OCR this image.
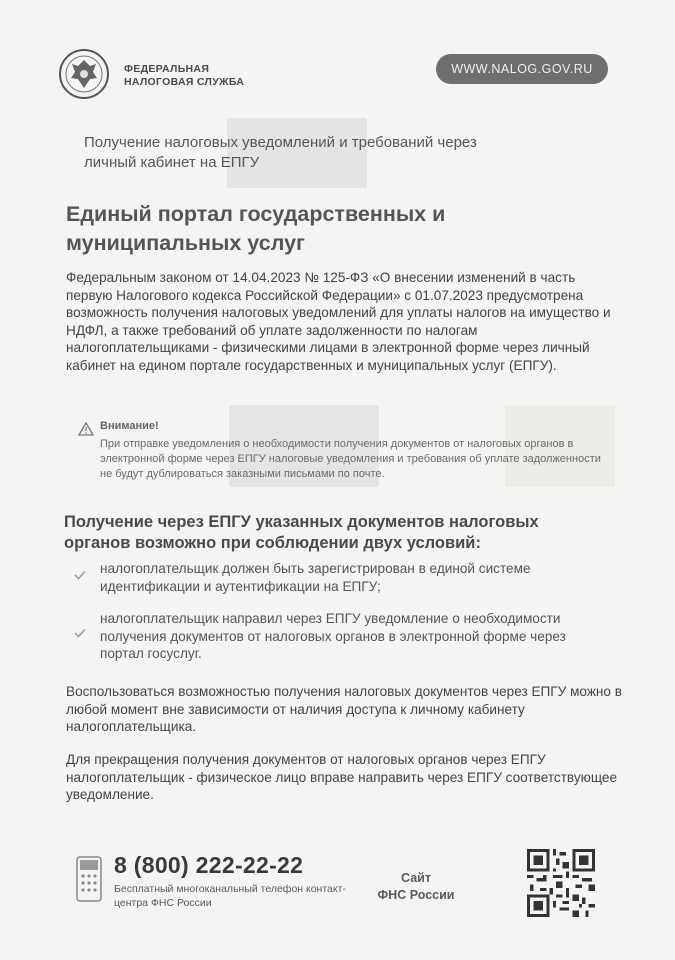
ФЕДЕРАЛЬНАЯ
НАЛОГОВАЯ СЛУЖБА
WWW.NALOG.GOV.RU
Получение налоговых уведомлений и требований через личный кабинет на ЕПГУ
Единый портал государственных и муниципальных услуг
Федеральным законом от 14.04.2023 № 125-ФЗ «О внесении изменений в часть первую Налогового кодекса Российской Федерации» с 01.07.2023 предусмотрена возможность получения налоговых уведомлений для уплаты налогов на имущество и НДФЛ, а также требований об уплате задолженности по налогам налогоплательщиками - физическими лицами в электронной форме через личный кабинет на едином портале государственных и муниципальных услуг (ЕПГУ).
Внимание!
При отправке уведомления о необходимости получения документов от налоговых органов в электронной форме через ЕПГУ налоговые уведомления и требования об уплате задолженности не будут дублироваться заказными письмами по почте.
Получение через ЕПГУ указанных документов налоговых органов возможно при соблюдении двух условий:
налогоплательщик должен быть зарегистрирован в единой системе идентификации и аутентификации на ЕПГУ;
налогоплательщик направил через ЕПГУ уведомление о необходимости получения документов от налоговых органов в электронной форме через портал госуслуг.
Воспользоваться возможностью получения налоговых документов через ЕПГУ можно в любой момент вне зависимости от наличия доступа к личному кабинету налогоплательщика.
Для прекращения получения документов от налоговых органов через ЕПГУ налогоплательщик - физическое лицо вправе направить через ЕПГУ соответствующее уведомление.
8 (800) 222-22-22
Бесплатный многоканальный телефон контакт-центра ФНС России
Сайт
ФНС России
